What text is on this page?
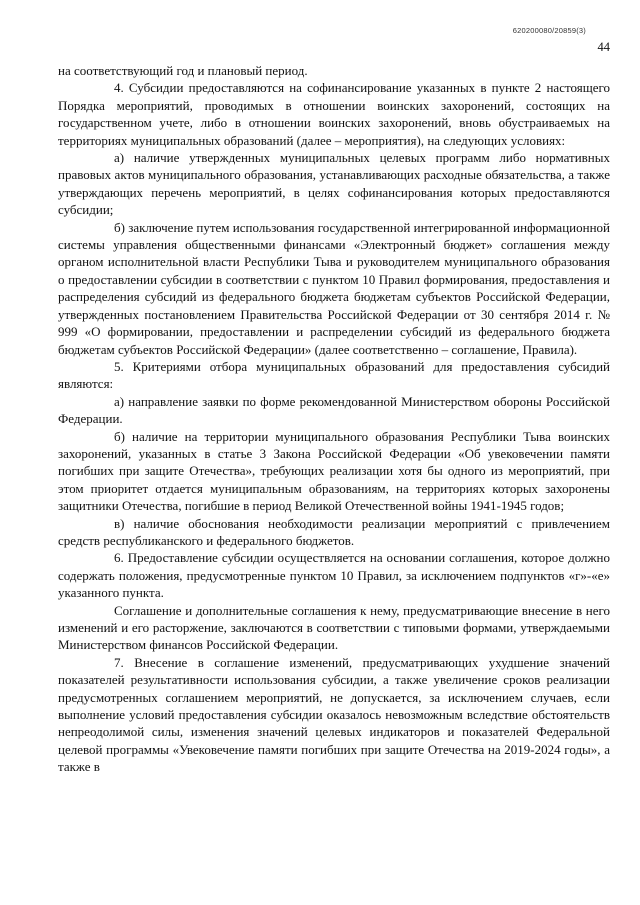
620200080/20859(3)
44

на соответствующий год и плановый период.

4. Субсидии предоставляются на софинансирование указанных в пункте 2 настоящего Порядка мероприятий, проводимых в отношении воинских захоронений, состоящих на государственном учете, либо в отношении воинских захоронений, вновь обустраиваемых на территориях муниципальных образований (далее – мероприятия), на следующих условиях:

а) наличие утвержденных муниципальных целевых программ либо нормативных правовых актов муниципального образования, устанавливающих расходные обязательства, а также утверждающих перечень мероприятий, в целях софинансирования которых предоставляются субсидии;

б) заключение путем использования государственной интегрированной информационной системы управления общественными финансами «Электронный бюджет» соглашения между органом исполнительной власти Республики Тыва и руководителем муниципального образования о предоставлении субсидии в соответствии с пунктом 10 Правил формирования, предоставления и распределения субсидий из федерального бюджета бюджетам субъектов Российской Федерации, утвержденных постановлением Правительства Российской Федерации от 30 сентября 2014 г. № 999 «О формировании, предоставлении и распределении субсидий из федерального бюджета бюджетам субъектов Российской Федерации» (далее соответственно – соглашение, Правила).

5. Критериями отбора муниципальных образований для предоставления субсидий являются:

а) направление заявки по форме рекомендованной Министерством обороны Российской Федерации.

б) наличие на территории муниципального образования Республики Тыва воинских захоронений, указанных в статье 3 Закона Российской Федерации «Об увековечении памяти погибших при защите Отечества», требующих реализации хотя бы одного из мероприятий, при этом приоритет отдается муниципальным образованиям, на территориях которых захоронены защитники Отечества, погибшие в период Великой Отечественной войны 1941-1945 годов;

в) наличие обоснования необходимости реализации мероприятий с привлечением средств республиканского и федерального бюджетов.

6. Предоставление субсидии осуществляется на основании соглашения, которое должно содержать положения, предусмотренные пунктом 10 Правил, за исключением подпунктов «г»-«е» указанного пункта.

Соглашение и дополнительные соглашения к нему, предусматривающие внесение в него изменений и его расторжение, заключаются в соответствии с типовыми формами, утверждаемыми Министерством финансов Российской Федерации.

7. Внесение в соглашение изменений, предусматривающих ухудшение значений показателей результативности использования субсидии, а также увеличение сроков реализации предусмотренных соглашением мероприятий, не допускается, за исключением случаев, если выполнение условий предоставления субсидии оказалось невозможным вследствие обстоятельств непреодолимой силы, изменения значений целевых индикаторов и показателей Федеральной целевой программы «Увековечение памяти погибших при защите Отечества на 2019-2024 годы», а также в
